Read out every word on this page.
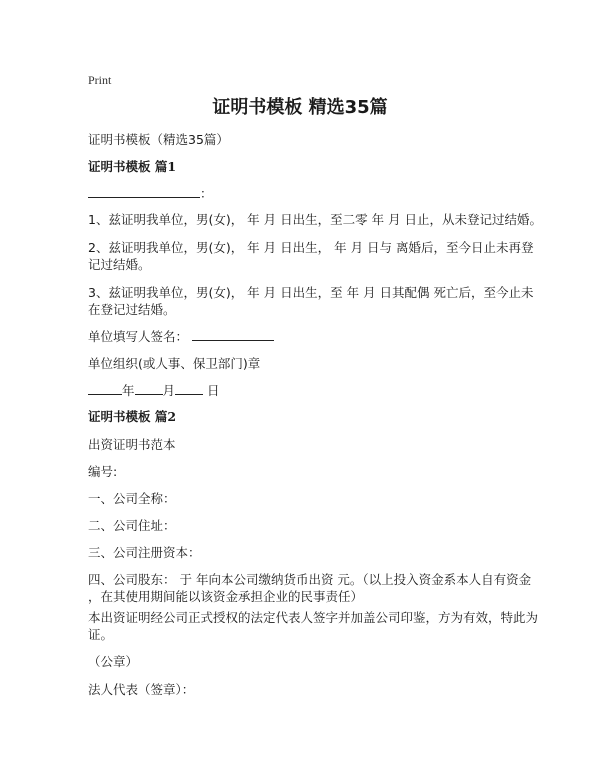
Print
证明书模板 精选35篇
证明书模板（精选35篇）
证明书模板 篇1
：
1、兹证明我单位，男(女)， 年 月 日出生，至二零 年 月 日止，从未登记过结婚。
2、兹证明我单位，男(女)， 年 月 日出生， 年 月 日与 离婚后，至今日止未再登
记过结婚。
3、兹证明我单位，男(女)， 年 月 日出生，至 年 月 日其配偶 死亡后，至今止未
在登记过结婚。
单位填写人签名：
单位组织(或人事、保卫部门)章
年 月	日
证明书模板 篇2
出资证明书范本
编号:
一、公司全称：
二、公司住址：
三、公司注册资本：
四、公司股东： 于 年向本公司缴纳货币出资 元。（以上投入资金系本人自有资金
，在其使用期间能以该资金承担企业的民事责任）
本出资证明经公司正式授权的法定代表人签字并加盖公司印鉴，方为有效，特此为
证。
（公章）
法人代表（签章）：
